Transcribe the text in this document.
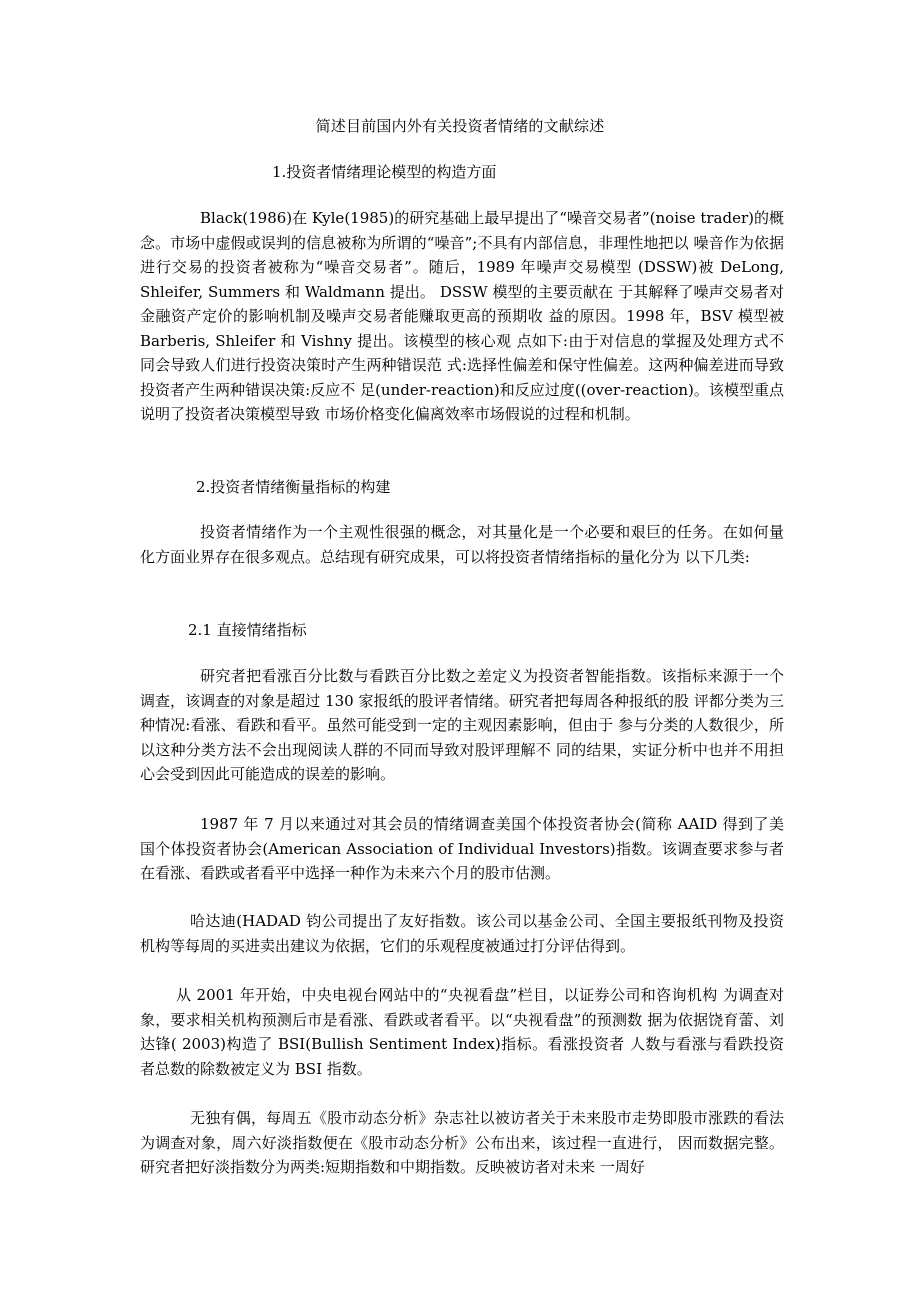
简述目前国内外有关投资者情绪的文献综述
1.投资者情绪理论模型的构造方面

Black(1986)在 Kyle(1985)的研究基础上最早提出了“噪音交易者”(noise trader)的概念。市场中虚假或误判的信息被称为所谓的“噪音”;不具有内部信息，非理性地把以 噪音作为依据进行交易的投资者被称为“噪音交易者”。随后，1989 年噪声交易模型 (DSSW)被 DeLong, Shleifer, Summers 和 Waldmann 提出。 DSSW 模型的主要贡献在 于其解释了噪声交易者对金融资产定价的影响机制及噪声交易者能赚取更高的预期收 益的原因。1998 年，BSV 模型被 Barberis, Shleifer 和 Vishny 提出。该模型的核心观 点如下:由于对信息的掌握及处理方式不同会导致人们进行投资决策时产生两种错误范 式:选择性偏差和保守性偏差。这两种偏差进而导致投资者产生两种错误决策:反应不 足(under-reaction)和反应过度((over-reaction)。该模型重点说明了投资者决策模型导致 市场价格变化偏离效率市场假说的过程和机制。

2.投资者情绪衡量指标的构建

投资者情绪作为一个主观性很强的概念，对其量化是一个必要和艰巨的任务。在如何量化方面业界存在很多观点。总结现有研究成果，可以将投资者情绪指标的量化分为 以下几类:

2.1 直接情绪指标

研究者把看涨百分比数与看跌百分比数之差定义为投资者智能指数。该指标来源于一个调查，该调查的对象是超过 130 家报纸的股评者情绪。研究者把每周各种报纸的股 评都分类为三种情况:看涨、看跌和看平。虽然可能受到一定的主观因素影响，但由于 参与分类的人数很少，所以这种分类方法不会出现阅读人群的不同而导致对股评理解不 同的结果，实证分析中也并不用担心会受到因此可能造成的误差的影响。

1987 年 7 月以来通过对其会员的情绪调查美国个体投资者协会(简称 AAID 得到了美 国个体投资者协会(American Association of Individual Investors)指数。该调查要求参与者在看涨、看跌或者看平中选择一种作为未来六个月的股市估测。

哈达迪(HADAD 钧公司提出了友好指数。该公司以基金公司、全国主要报纸刊物及投资机构等每周的买进卖出建议为依据，它们的乐观程度被通过打分评估得到。

从 2001 年开始，中央电视台网站中的“央视看盘”栏目，以证券公司和咨询机构 为调查对象，要求相关机构预测后市是看涨、看跌或者看平。以“央视看盘”的预测数 据为依据饶育蕾、刘达锋( 2003)构造了 BSI(Bullish Sentiment Index)指标。看涨投资者 人数与看涨与看跌投资者总数的除数被定义为 BSI 指数。

无独有偶，每周五《股市动态分析》杂志社以被访者关于未来股市走势即股市涨跌的看法为调查对象，周六好淡指数便在《股市动态分析》公布出来，该过程一直进行， 因而数据完整。研究者把好淡指数分为两类:短期指数和中期指数。反映被访者对未来 一周好
